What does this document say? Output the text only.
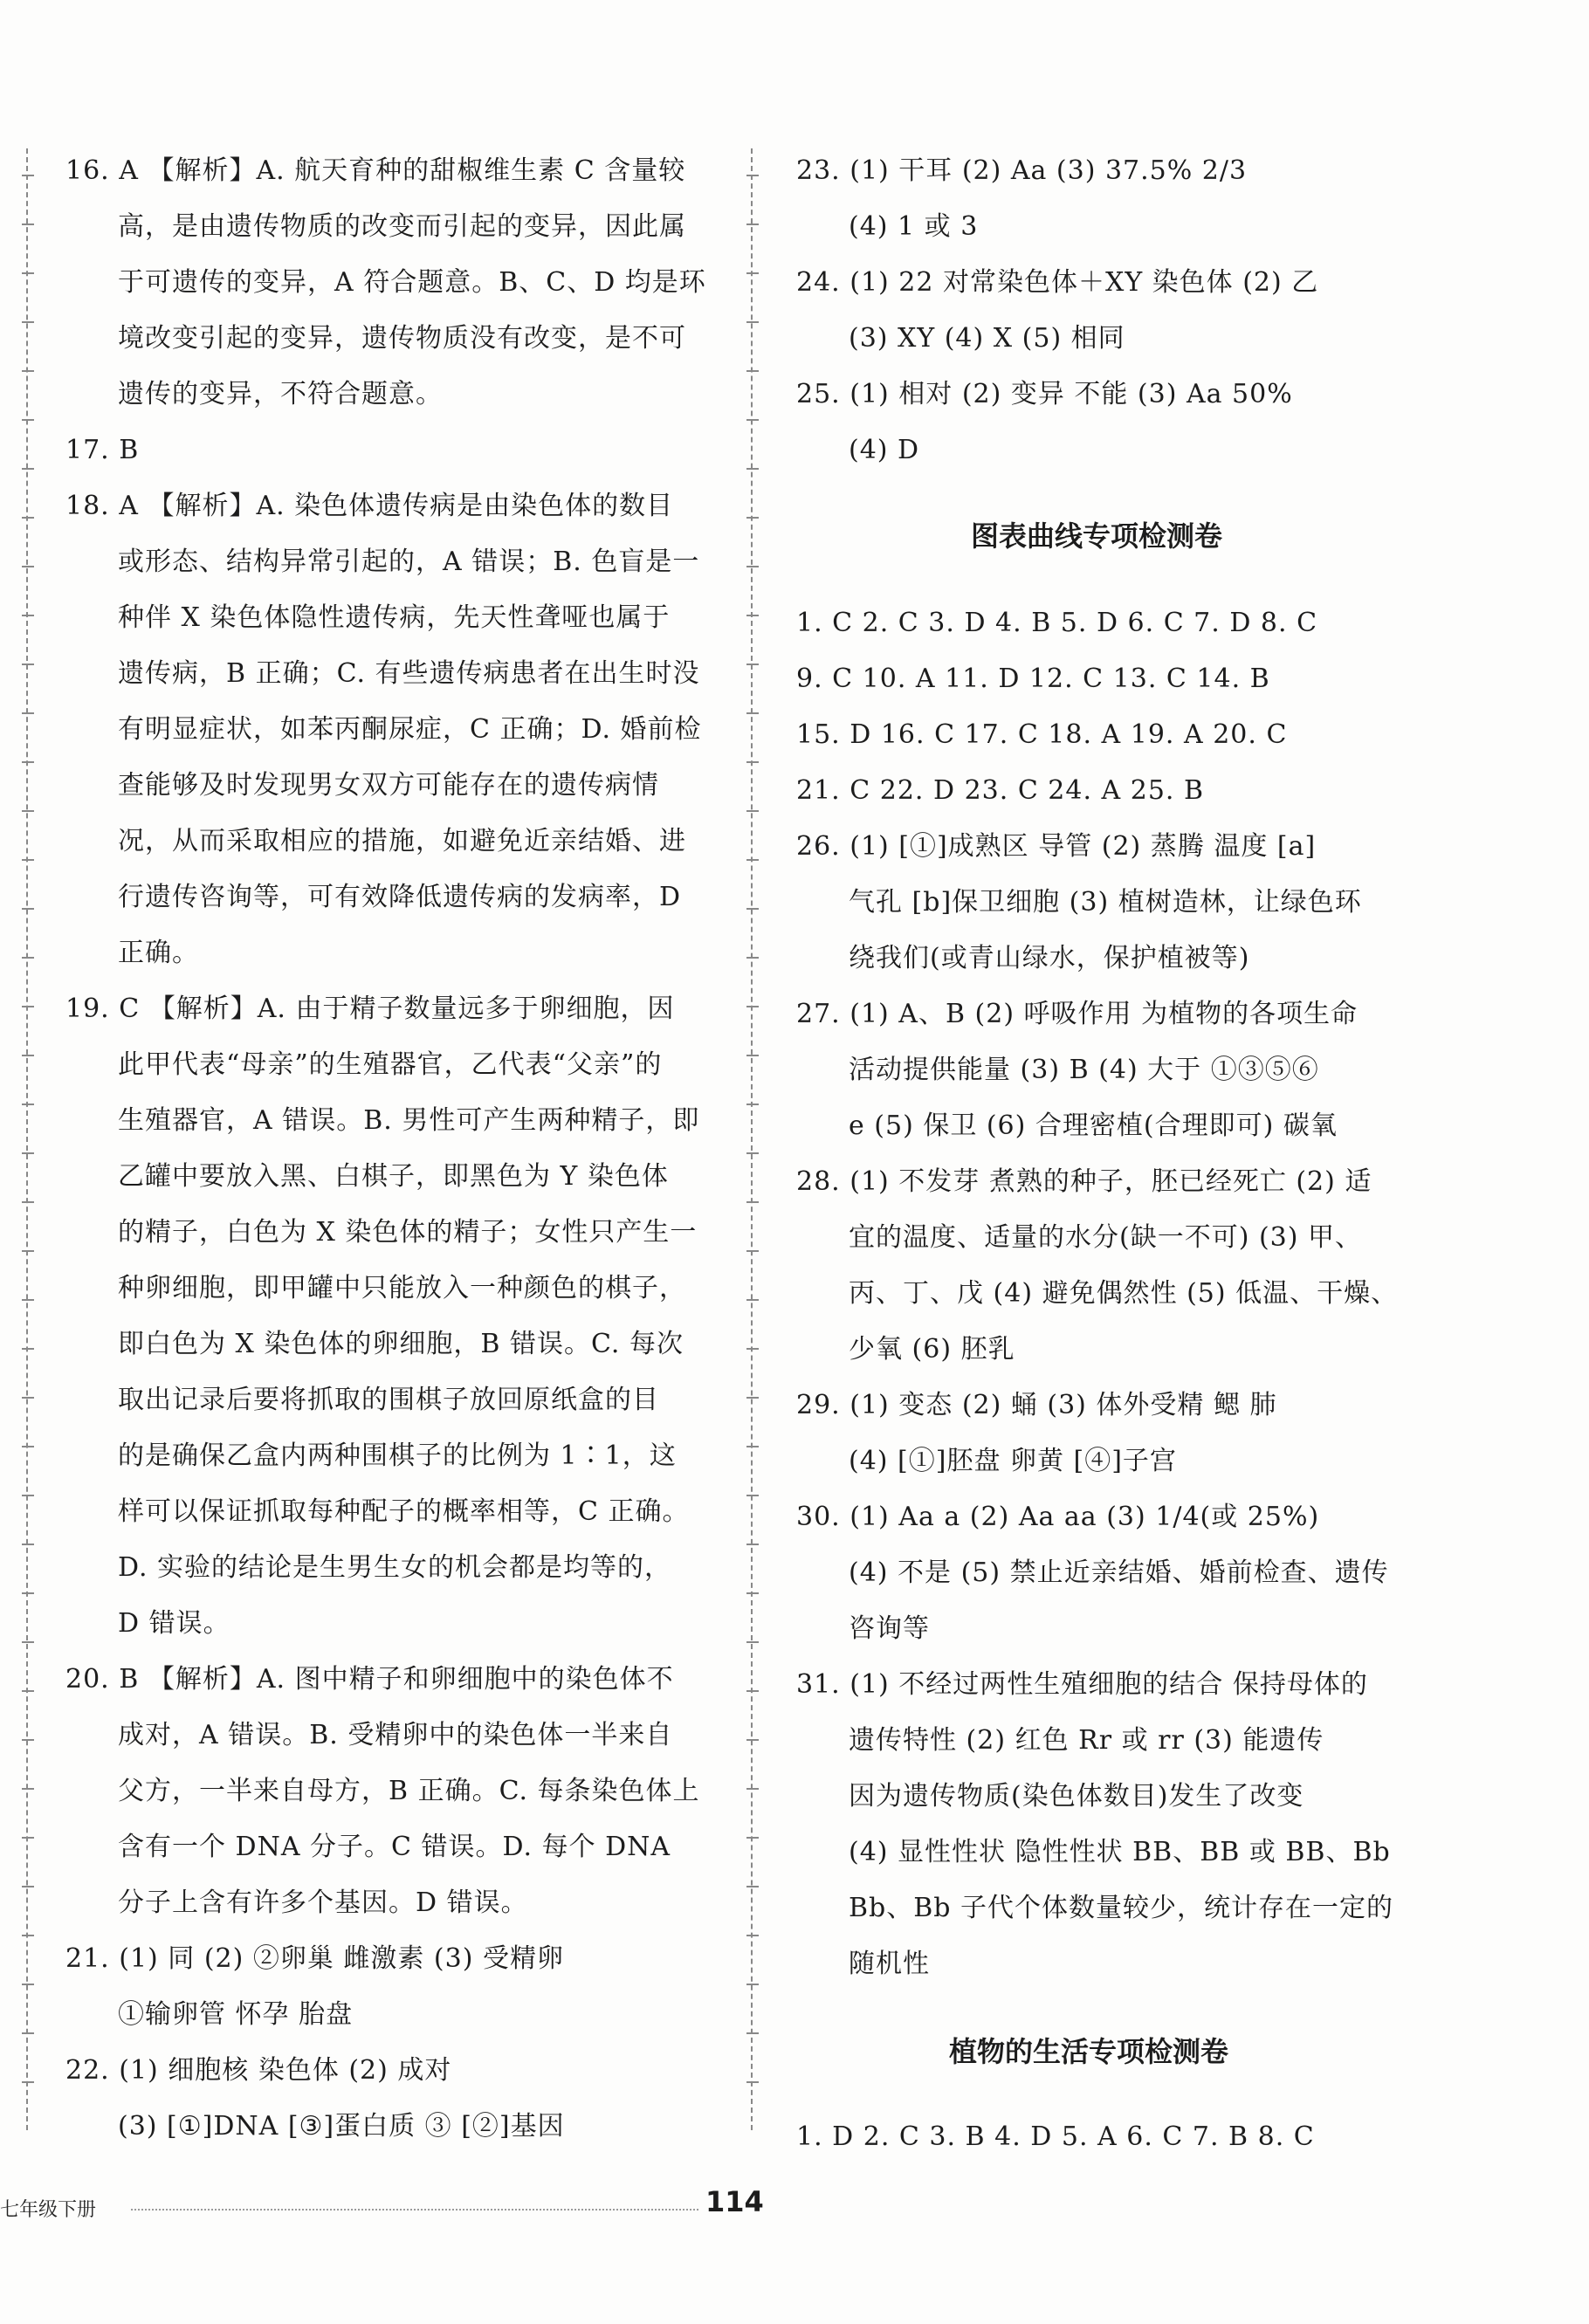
16. A 【解析】A. 航天育种的甜椒维生素 C 含量较
高，是由遗传物质的改变而引起的变异，因此属
于可遗传的变异，A 符合题意。B、C、D 均是环
境改变引起的变异，遗传物质没有改变，是不可
遗传的变异，不符合题意。
17. B
18. A 【解析】A. 染色体遗传病是由染色体的数目
或形态、结构异常引起的，A 错误；B. 色盲是一
种伴 X 染色体隐性遗传病，先天性聋哑也属于
遗传病，B 正确；C. 有些遗传病患者在出生时没
有明显症状，如苯丙酮尿症，C 正确；D. 婚前检
查能够及时发现男女双方可能存在的遗传病情
况，从而采取相应的措施，如避免近亲结婚、进
行遗传咨询等，可有效降低遗传病的发病率，D
正确。
19. C 【解析】A. 由于精子数量远多于卵细胞，因
此甲代表“母亲”的生殖器官，乙代表“父亲”的
生殖器官，A 错误。B. 男性可产生两种精子，即
乙罐中要放入黑、白棋子，即黑色为 Y 染色体
的精子，白色为 X 染色体的精子；女性只产生一
种卵细胞，即甲罐中只能放入一种颜色的棋子，
即白色为 X 染色体的卵细胞，B 错误。C. 每次
取出记录后要将抓取的围棋子放回原纸盒的目
的是确保乙盒内两种围棋子的比例为 1∶1，这
样可以保证抓取每种配子的概率相等，C 正确。
D. 实验的结论是生男生女的机会都是均等的，
D 错误。
20. B 【解析】A. 图中精子和卵细胞中的染色体不
成对，A 错误。B. 受精卵中的染色体一半来自
父方，一半来自母方，B 正确。C. 每条染色体上
含有一个 DNA 分子。C 错误。D. 每个 DNA
分子上含有许多个基因。D 错误。
21. (1) 同 (2) ②卵巢 雌激素 (3) 受精卵
①输卵管 怀孕 胎盘
22. (1) 细胞核 染色体 (2) 成对
(3) [①]DNA [③]蛋白质 ③ [②]基因
23. (1) 干耳 (2) Aa (3) 37.5% 2/3
(4) 1 或 3
24. (1) 22 对常染色体＋XY 染色体 (2) 乙
(3) XY (4) X (5) 相同
25. (1) 相对 (2) 变异 不能 (3) Aa 50%
(4) D
图表曲线专项检测卷
1. C 2. C 3. D 4. B 5. D 6. C 7. D 8. C
9. C 10. A 11. D 12. C 13. C 14. B
15. D 16. C 17. C 18. A 19. A 20. C
21. C 22. D 23. C 24. A 25. B
26. (1) [①]成熟区 导管 (2) 蒸腾 温度 [a]
气孔 [b]保卫细胞 (3) 植树造林，让绿色环
绕我们(或青山绿水，保护植被等)
27. (1) A、B (2) 呼吸作用 为植物的各项生命
活动提供能量 (3) B (4) 大于 ①③⑤⑥
e (5) 保卫 (6) 合理密植(合理即可) 碳氧
28. (1) 不发芽 煮熟的种子，胚已经死亡 (2) 适
宜的温度、适量的水分(缺一不可) (3) 甲、
丙、丁、戊 (4) 避免偶然性 (5) 低温、干燥、
少氧 (6) 胚乳
29. (1) 变态 (2) 蛹 (3) 体外受精 鳃 肺
(4) [①]胚盘 卵黄 [④]子宫
30. (1) Aa a (2) Aa aa (3) 1/4(或 25%)
(4) 不是 (5) 禁止近亲结婚、婚前检查、遗传
咨询等
31. (1) 不经过两性生殖细胞的结合 保持母体的
遗传特性 (2) 红色 Rr 或 rr (3) 能遗传
因为遗传物质(染色体数目)发生了改变
(4) 显性性状 隐性性状 BB、BB 或 BB、Bb
Bb、Bb 子代个体数量较少，统计存在一定的
随机性
植物的生活专项检测卷
1. D 2. C 3. B 4. D 5. A 6. C 7. B 8. C
七年级下册	114
